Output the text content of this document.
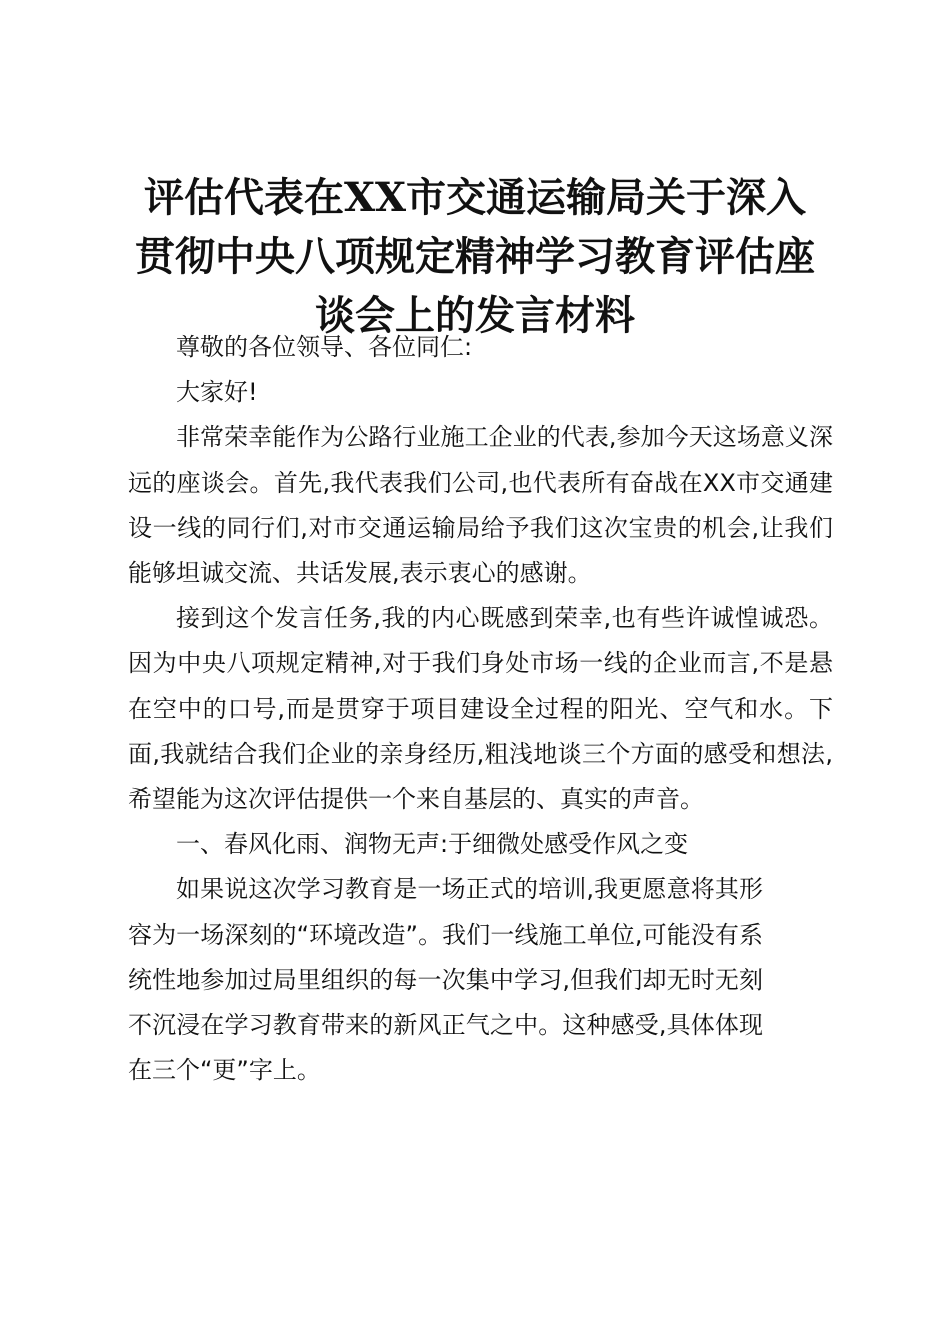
评估代表在XX市交通运输局关于深入
贯彻中央八项规定精神学习教育评估座
谈会上的发言材料

尊敬的各位领导、各位同仁:

大家好!

非常荣幸能作为公路行业施工企业的代表,参加今天这场意义深远的座谈会。首先,我代表我们公司,也代表所有奋战在XX市交通建设一线的同行们,对市交通运输局给予我们这次宝贵的机会,让我们能够坦诚交流、共话发展,表示衷心的感谢。

接到这个发言任务,我的内心既感到荣幸,也有些许诚惶诚恐。因为中央八项规定精神,对于我们身处市场一线的企业而言,不是悬在空中的口号,而是贯穿于项目建设全过程的阳光、空气和水。下面,我就结合我们企业的亲身经历,粗浅地谈三个方面的感受和想法,希望能为这次评估提供一个来自基层的、真实的声音。

一、春风化雨、润物无声:于细微处感受作风之变

如果说这次学习教育是一场正式的培训,我更愿意将其形容为一场深刻的“环境改造”。我们一线施工单位,可能没有系统性地参加过局里组织的每一次集中学习,但我们却无时无刻不沉浸在学习教育带来的新风正气之中。这种感受,具体体现在三个“更”字上。
